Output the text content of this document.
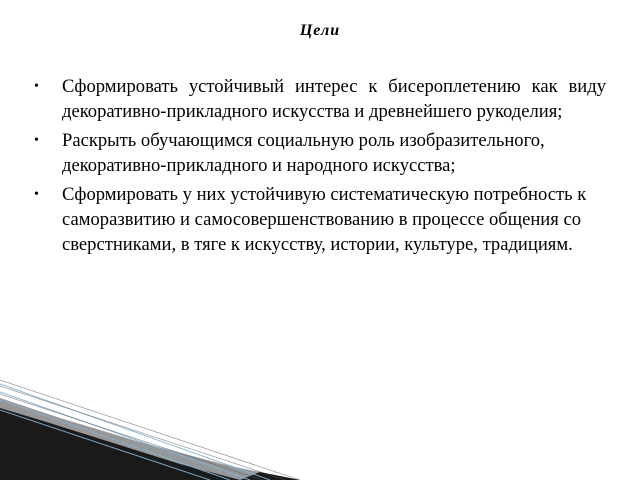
Цели
• Сформировать устойчивый интерес к бисероплетению как виду декоративно-прикладного искусства и древнейшего рукоделия;
• Раскрыть обучающимся социальную роль изобразительного, декоративно-прикладного и народного искусства;
• Сформировать у них устойчивую систематическую потребность к саморазвитию и самосовершенствованию в процессе общения со сверстниками, в тяге к искусству, истории, культуре, традициям.
